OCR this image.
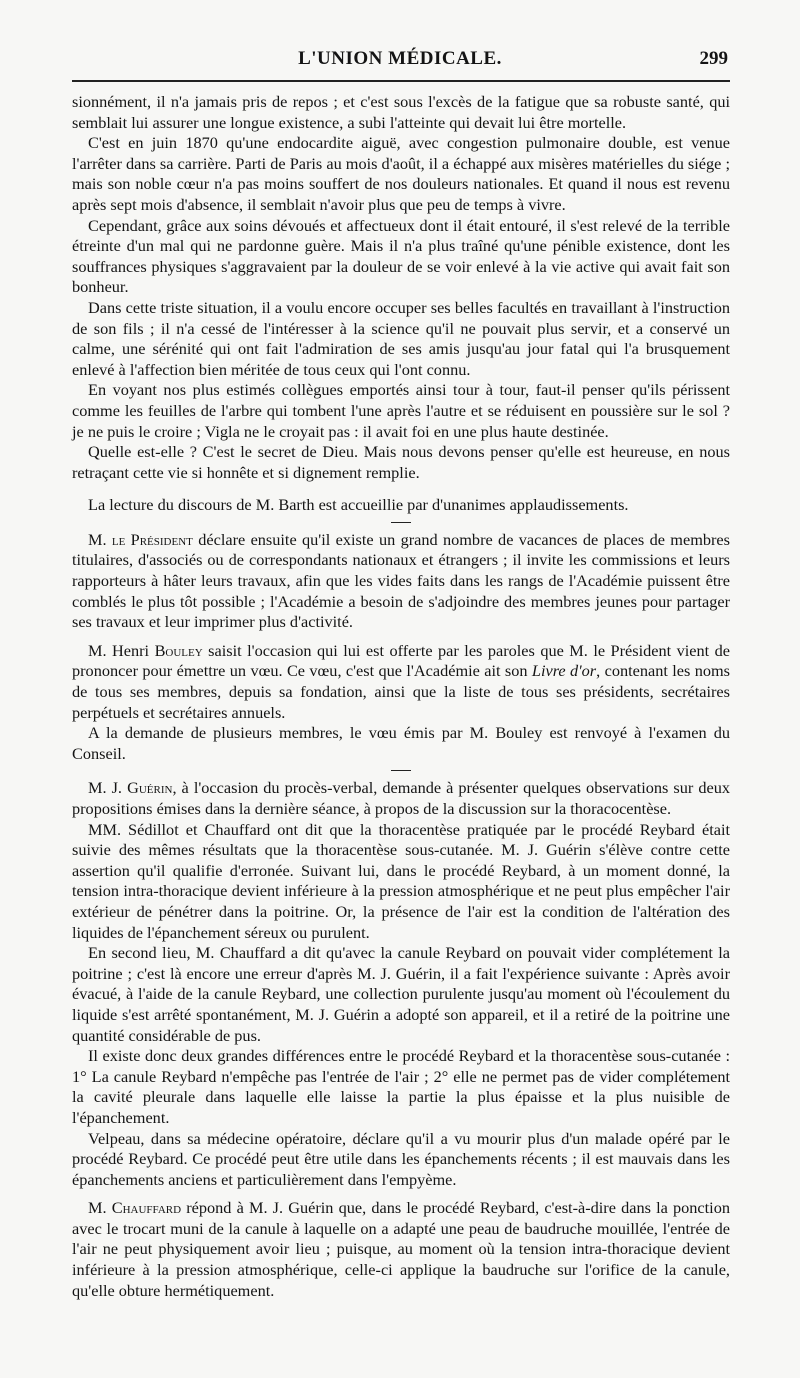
L'UNION MÉDICALE.	299

sionnément, il n'a jamais pris de repos ; et c'est sous l'excès de la fatigue que sa robuste santé, qui semblait lui assurer une longue existence, a subi l'atteinte qui devait lui être mortelle.

C'est en juin 1870 qu'une endocardite aiguë, avec congestion pulmonaire double, est venue l'arrêter dans sa carrière. Parti de Paris au mois d'août, il a échappé aux misères matérielles du siége ; mais son noble cœur n'a pas moins souffert de nos douleurs nationales. Et quand il nous est revenu après sept mois d'absence, il semblait n'avoir plus que peu de temps à vivre.

Cependant, grâce aux soins dévoués et affectueux dont il était entouré, il s'est relevé de la terrible étreinte d'un mal qui ne pardonne guère. Mais il n'a plus traîné qu'une pénible existence, dont les souffrances physiques s'aggravaient par la douleur de se voir enlevé à la vie active qui avait fait son bonheur.

Dans cette triste situation, il a voulu encore occuper ses belles facultés en travaillant à l'instruction de son fils ; il n'a cessé de l'intéresser à la science qu'il ne pouvait plus servir, et a conservé un calme, une sérénité qui ont fait l'admiration de ses amis jusqu'au jour fatal qui l'a brusquement enlevé à l'affection bien méritée de tous ceux qui l'ont connu.

En voyant nos plus estimés collègues emportés ainsi tour à tour, faut-il penser qu'ils périssent comme les feuilles de l'arbre qui tombent l'une après l'autre et se réduisent en poussière sur le sol ? je ne puis le croire ; Vigla ne le croyait pas : il avait foi en une plus haute destinée.

Quelle est-elle ? C'est le secret de Dieu. Mais nous devons penser qu'elle est heureuse, en nous retraçant cette vie si honnête et si dignement remplie.

La lecture du discours de M. Barth est accueillie par d'unanimes applaudissements.

M. le Président déclare ensuite qu'il existe un grand nombre de vacances de places de membres titulaires, d'associés ou de correspondants nationaux et étrangers ; il invite les commissions et leurs rapporteurs à hâter leurs travaux, afin que les vides faits dans les rangs de l'Académie puissent être comblés le plus tôt possible ; l'Académie a besoin de s'adjoindre des membres jeunes pour partager ses travaux et leur imprimer plus d'activité.

M. Henri Bouley saisit l'occasion qui lui est offerte par les paroles que M. le Président vient de prononcer pour émettre un vœu. Ce vœu, c'est que l'Académie ait son Livre d'or, contenant les noms de tous ses membres, depuis sa fondation, ainsi que la liste de tous ses présidents, secrétaires perpétuels et secrétaires annuels.

A la demande de plusieurs membres, le vœu émis par M. Bouley est renvoyé à l'examen du Conseil.

M. J. Guérin, à l'occasion du procès-verbal, demande à présenter quelques observations sur deux propositions émises dans la dernière séance, à propos de la discussion sur la thoracocentèse.

MM. Sédillot et Chauffard ont dit que la thoracentèse pratiquée par le procédé Reybard était suivie des mêmes résultats que la thoracentèse sous-cutanée. M. J. Guérin s'élève contre cette assertion qu'il qualifie d'erronée. Suivant lui, dans le procédé Reybard, à un moment donné, la tension intra-thoracique devient inférieure à la pression atmosphérique et ne peut plus empêcher l'air extérieur de pénétrer dans la poitrine. Or, la présence de l'air est la condition de l'altération des liquides de l'épanchement séreux ou purulent.

En second lieu, M. Chauffard a dit qu'avec la canule Reybard on pouvait vider complétement la poitrine ; c'est là encore une erreur d'après M. J. Guérin, il a fait l'expérience suivante : Après avoir évacué, à l'aide de la canule Reybard, une collection purulente jusqu'au moment où l'écoulement du liquide s'est arrêté spontanément, M. J. Guérin a adopté son appareil, et il a retiré de la poitrine une quantité considérable de pus.

Il existe donc deux grandes différences entre le procédé Reybard et la thoracentèse sous-cutanée : 1° La canule Reybard n'empêche pas l'entrée de l'air ; 2° elle ne permet pas de vider complétement la cavité pleurale dans laquelle elle laisse la partie la plus épaisse et la plus nuisible de l'épanchement.

Velpeau, dans sa médecine opératoire, déclare qu'il a vu mourir plus d'un malade opéré par le procédé Reybard. Ce procédé peut être utile dans les épanchements récents ; il est mauvais dans les épanchements anciens et particulièrement dans l'empyème.

M. Chauffard répond à M. J. Guérin que, dans le procédé Reybard, c'est-à-dire dans la ponction avec le trocart muni de la canule à laquelle on a adapté une peau de baudruche mouillée, l'entrée de l'air ne peut physiquement avoir lieu ; puisque, au moment où la tension intra-thoracique devient inférieure à la pression atmosphérique, celle-ci applique la baudruche sur l'orifice de la canule, qu'elle obture hermétiquement.
